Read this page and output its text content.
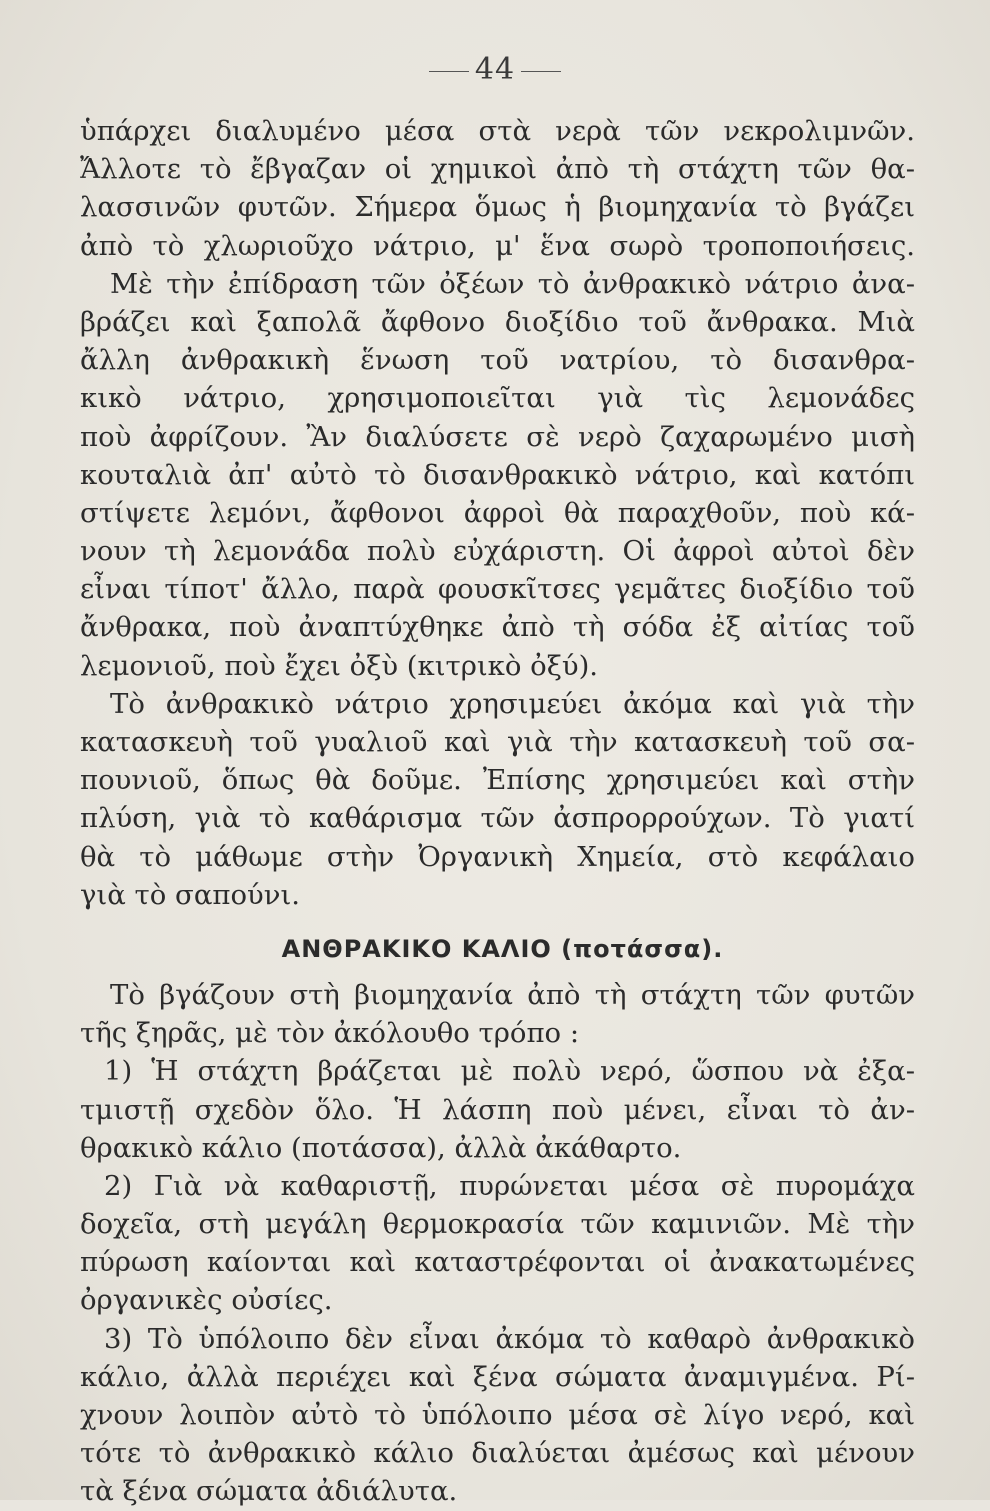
44
ὑπάρχει διαλυμένο μέσα στὰ νερὰ τῶν νεκρολιμνῶν.
Ἄλλοτε τὸ ἔβγαζαν οἱ χημικοὶ ἀπὸ τὴ στάχτη τῶν θα-
λασσινῶν φυτῶν. Σήμερα ὅμως ἡ βιομηχανία τὸ βγάζει
ἀπὸ τὸ χλωριοῦχο νάτριο, μ' ἕνα σωρὸ τροποποιήσεις.
Μὲ τὴν ἐπίδραση τῶν ὀξέων τὸ ἀνθρακικὸ νάτριο ἀνα-
βράζει καὶ ξαπολᾶ ἄφθονο διοξίδιο τοῦ ἄνθρακα. Μιὰ
ἄλλη ἀνθρακικὴ ἕνωση τοῦ νατρίου, τὸ δισανθρα-
κικὸ νάτριο, χρησιμοποιεῖται γιὰ τὶς λεμονάδες
ποὺ ἀφρίζουν. Ἂν διαλύσετε σὲ νερὸ ζαχαρωμένο μισὴ
κουταλιὰ ἀπ' αὐτὸ τὸ δισανθρακικὸ νάτριο, καὶ κατόπι
στίψετε λεμόνι, ἄφθονοι ἀφροὶ θὰ παραχθοῦν, ποὺ κά-
νουν τὴ λεμονάδα πολὺ εὐχάριστη. Οἱ ἀφροὶ αὐτοὶ δὲν
εἶναι τίποτ' ἄλλο, παρὰ φουσκῖτσες γεμᾶτες διοξίδιο τοῦ
ἄνθρακα, ποὺ ἀναπτύχθηκε ἀπὸ τὴ σόδα ἐξ αἰτίας τοῦ
λεμονιοῦ, ποὺ ἔχει ὀξὺ (κιτρικὸ ὀξύ).
Τὸ ἀνθρακικὸ νάτριο χρησιμεύει ἀκόμα καὶ γιὰ τὴν
κατασκευὴ τοῦ γυαλιοῦ καὶ γιὰ τὴν κατασκευὴ τοῦ σα-
πουνιοῦ, ὅπως θὰ δοῦμε. Ἐπίσης χρησιμεύει καὶ στὴν
πλύση, γιὰ τὸ καθάρισμα τῶν ἀσπρορρούχων. Τὸ γιατί
θὰ τὸ μάθωμε στὴν Ὀργανικὴ Χημεία, στὸ κεφάλαιο
γιὰ τὸ σαπούνι.
ΑΝΘΡΑΚΙΚΟ ΚΑΛΙΟ (ποτάσσα).
Τὸ βγάζουν στὴ βιομηχανία ἀπὸ τὴ στάχτη τῶν φυτῶν
τῆς ξηρᾶς, μὲ τὸν ἀκόλουθο τρόπο :
1) Ἡ στάχτη βράζεται μὲ πολὺ νερό, ὥσπου νὰ ἐξα-
τμιστῇ σχεδὸν ὅλο. Ἡ λάσπη ποὺ μένει, εἶναι τὸ ἀν-
θρακικὸ κάλιο (ποτάσσα), ἀλλὰ ἀκάθαρτο.
2) Γιὰ νὰ καθαριστῇ, πυρώνεται μέσα σὲ πυρομάχα
δοχεῖα, στὴ μεγάλη θερμοκρασία τῶν καμινιῶν. Μὲ τὴν
πύρωση καίονται καὶ καταστρέφονται οἱ ἀνακατωμένες
ὀργανικὲς οὐσίες.
3) Τὸ ὑπόλοιπο δὲν εἶναι ἀκόμα τὸ καθαρὸ ἀνθρακικὸ
κάλιο, ἀλλὰ περιέχει καὶ ξένα σώματα ἀναμιγμένα. Ρί-
χνουν λοιπὸν αὐτὸ τὸ ὑπόλοιπο μέσα σὲ λίγο νερό, καὶ
τότε τὸ ἀνθρακικὸ κάλιο διαλύεται ἀμέσως καὶ μένουν
τὰ ξένα σώματα ἀδιάλυτα.
